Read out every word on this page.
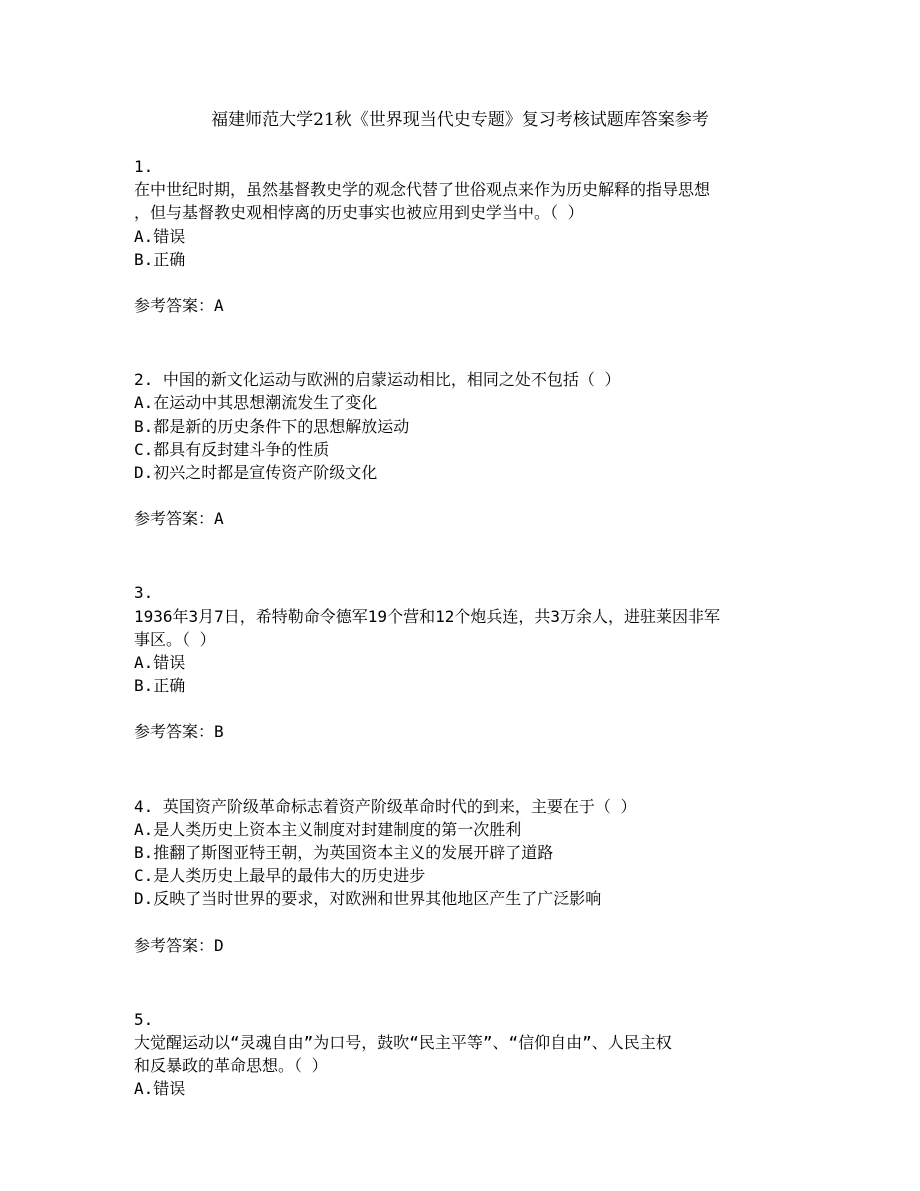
福建师范大学21秋《世界现当代史专题》复习考核试题库答案参考
1.
在中世纪时期，虽然基督教史学的观念代替了世俗观点来作为历史解释的指导思想
，但与基督教史观相悖离的历史事实也被应用到史学当中。（ ）
A.错误
B.正确
参考答案：A
2. 中国的新文化运动与欧洲的启蒙运动相比，相同之处不包括（ ）
A.在运动中其思想潮流发生了变化
B.都是新的历史条件下的思想解放运动
C.都具有反封建斗争的性质
D.初兴之时都是宣传资产阶级文化
参考答案：A
3.
1936年3月7日，希特勒命令德军19个营和12个炮兵连，共3万余人，进驻莱因非军
事区。（ ）
A.错误
B.正确
参考答案：B
4. 英国资产阶级革命标志着资产阶级革命时代的到来，主要在于（ ）
A.是人类历史上资本主义制度对封建制度的第一次胜利
B.推翻了斯图亚特王朝，为英国资本主义的发展开辟了道路
C.是人类历史上最早的最伟大的历史进步
D.反映了当时世界的要求，对欧洲和世界其他地区产生了广泛影响
参考答案：D
5.
大觉醒运动以“灵魂自由”为口号，鼓吹“民主平等”、“信仰自由”、人民主权
和反暴政的革命思想。（ ）
A.错误
